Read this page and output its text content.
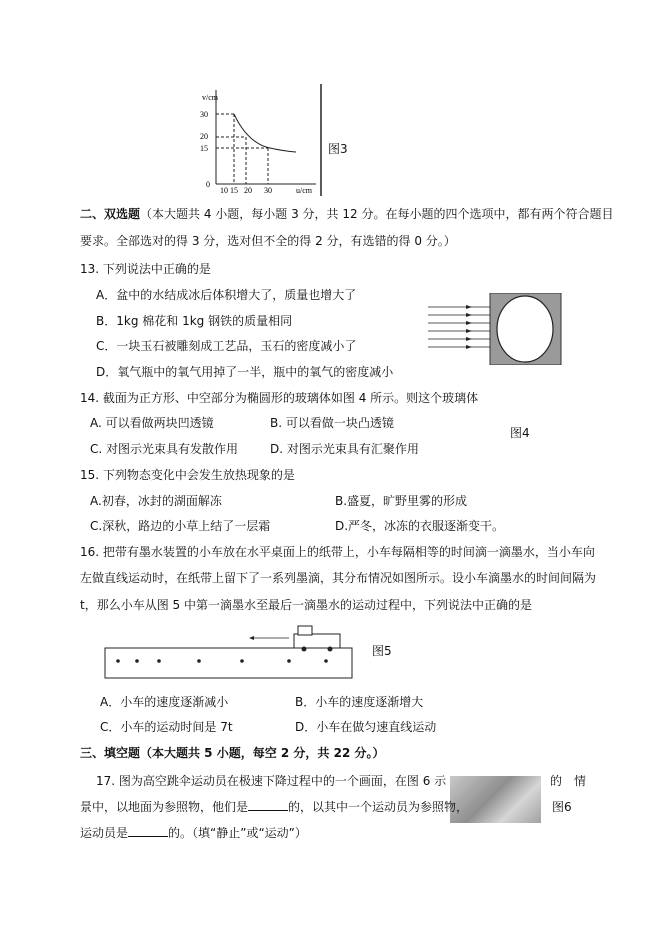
v/cm
30
20
15
0
10 15 20 30	u/cm
图3
二、双选题（本大题共 4 小题，每小题 3 分，共 12 分。在每小题的四个选项中，都有两个符合题目
要求。全部选对的得 3 分，选对但不全的得 2 分，有选错的得 0 分。）
13. 下列说法中正确的是
A．盆中的水结成冰后体积增大了，质量也增大了
B．1kg 棉花和 1kg 钢铁的质量相同
C．一块玉石被雕刻成工艺品，玉石的密度减小了
D．氧气瓶中的氧气用掉了一半，瓶中的氧气的密度减小
14. 截面为正方形、中空部分为椭圆形的玻璃体如图 4 所示。则这个玻璃体
A. 可以看做两块凹透镜	B. 可以看做一块凸透镜
图4
C. 对图示光束具有发散作用	D. 对图示光束具有汇聚作用
15. 下列物态变化中会发生放热现象的是
A.初春，冰封的湖面解冻	B.盛夏，旷野里雾的形成
C.深秋，路边的小草上结了一层霜	D.严冬，冰冻的衣服逐渐变干。
16. 把带有墨水装置的小车放在水平桌面上的纸带上，小车每隔相等的时间滴一滴墨水，当小车向
左做直线运动时，在纸带上留下了一系列墨滴，其分布情况如图所示。设小车滴墨水的时间间隔为
t，那么小车从图 5 中第一滴墨水至最后一滴墨水的运动过程中，下列说法中正确的是
图5
A．小车的速度逐渐减小	B．小车的速度逐渐增大
C．小车的运动时间是 7t	D．小车在做匀速直线运动
三、填空题（本大题共 5 小题，每空 2 分，共 22 分。）
17. 图为高空跳伞运动员在极速下降过程中的一个画面，在图 6 示	的　情
图6
景中，以地面为参照物，他们是	的，以其中一个运动员为参照物，
运动员是	的。（填“静止”或“运动”）
